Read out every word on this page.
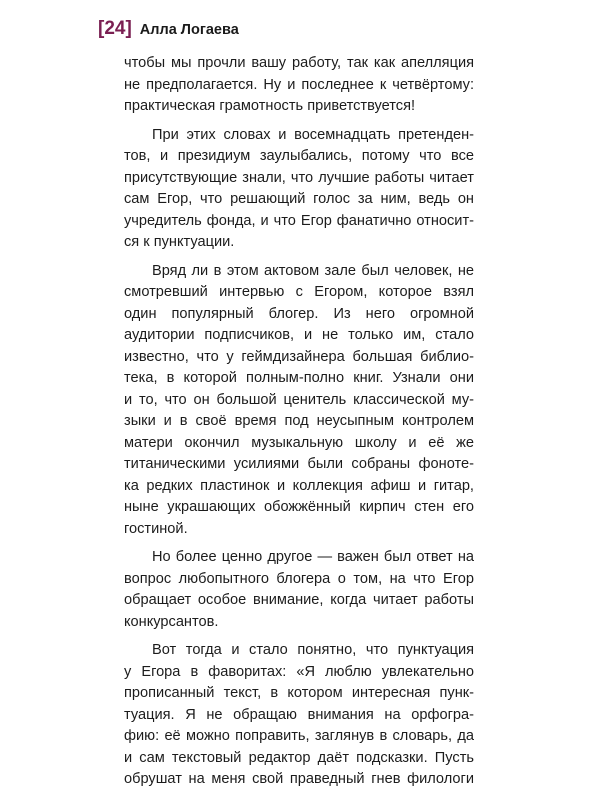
[24] Алла Логаева
чтобы мы прочли вашу работу, так как апелляция
не предполагается. Ну и последнее к четвёртому:
практическая грамотность приветствуется!
При этих словах и восемнадцать претенден-
тов, и президиум заулыбались, потому что все
присутствующие знали, что лучшие работы читает
сам Егор, что решающий голос за ним, ведь он
учредитель фонда, и что Егор фанатично относит-
ся к пунктуации.
Вряд ли в этом актовом зале был человек, не
смотревший интервью с Егором, которое взял
один популярный блогер. Из него огромной
аудитории подписчиков, и не только им, стало
известно, что у геймдизайнера большая библио-
тека, в которой полным-полно книг. Узнали они
и то, что он большой ценитель классической му-
зыки и в своё время под неусыпным контролем
матери окончил музыкальную школу и её же
титаническими усилиями были собраны фоноте-
ка редких пластинок и коллекция афиш и гитар,
ныне украшающих обожжённый кирпич стен его
гостиной.
Но более ценно другое — важен был ответ на
вопрос любопытного блогера о том, на что Егор
обращает особое внимание, когда читает работы
конкурсантов.
Вот тогда и стало понятно, что пунктуация
у Егора в фаворитах: «Я люблю увлекательно
прописанный текст, в котором интересная пунк-
туация. Я не обращаю внимания на орфогра-
фию: её можно поправить, заглянув в словарь, да
и сам текстовый редактор даёт подсказки. Пусть
обрушат на меня свой праведный гнев филологи
